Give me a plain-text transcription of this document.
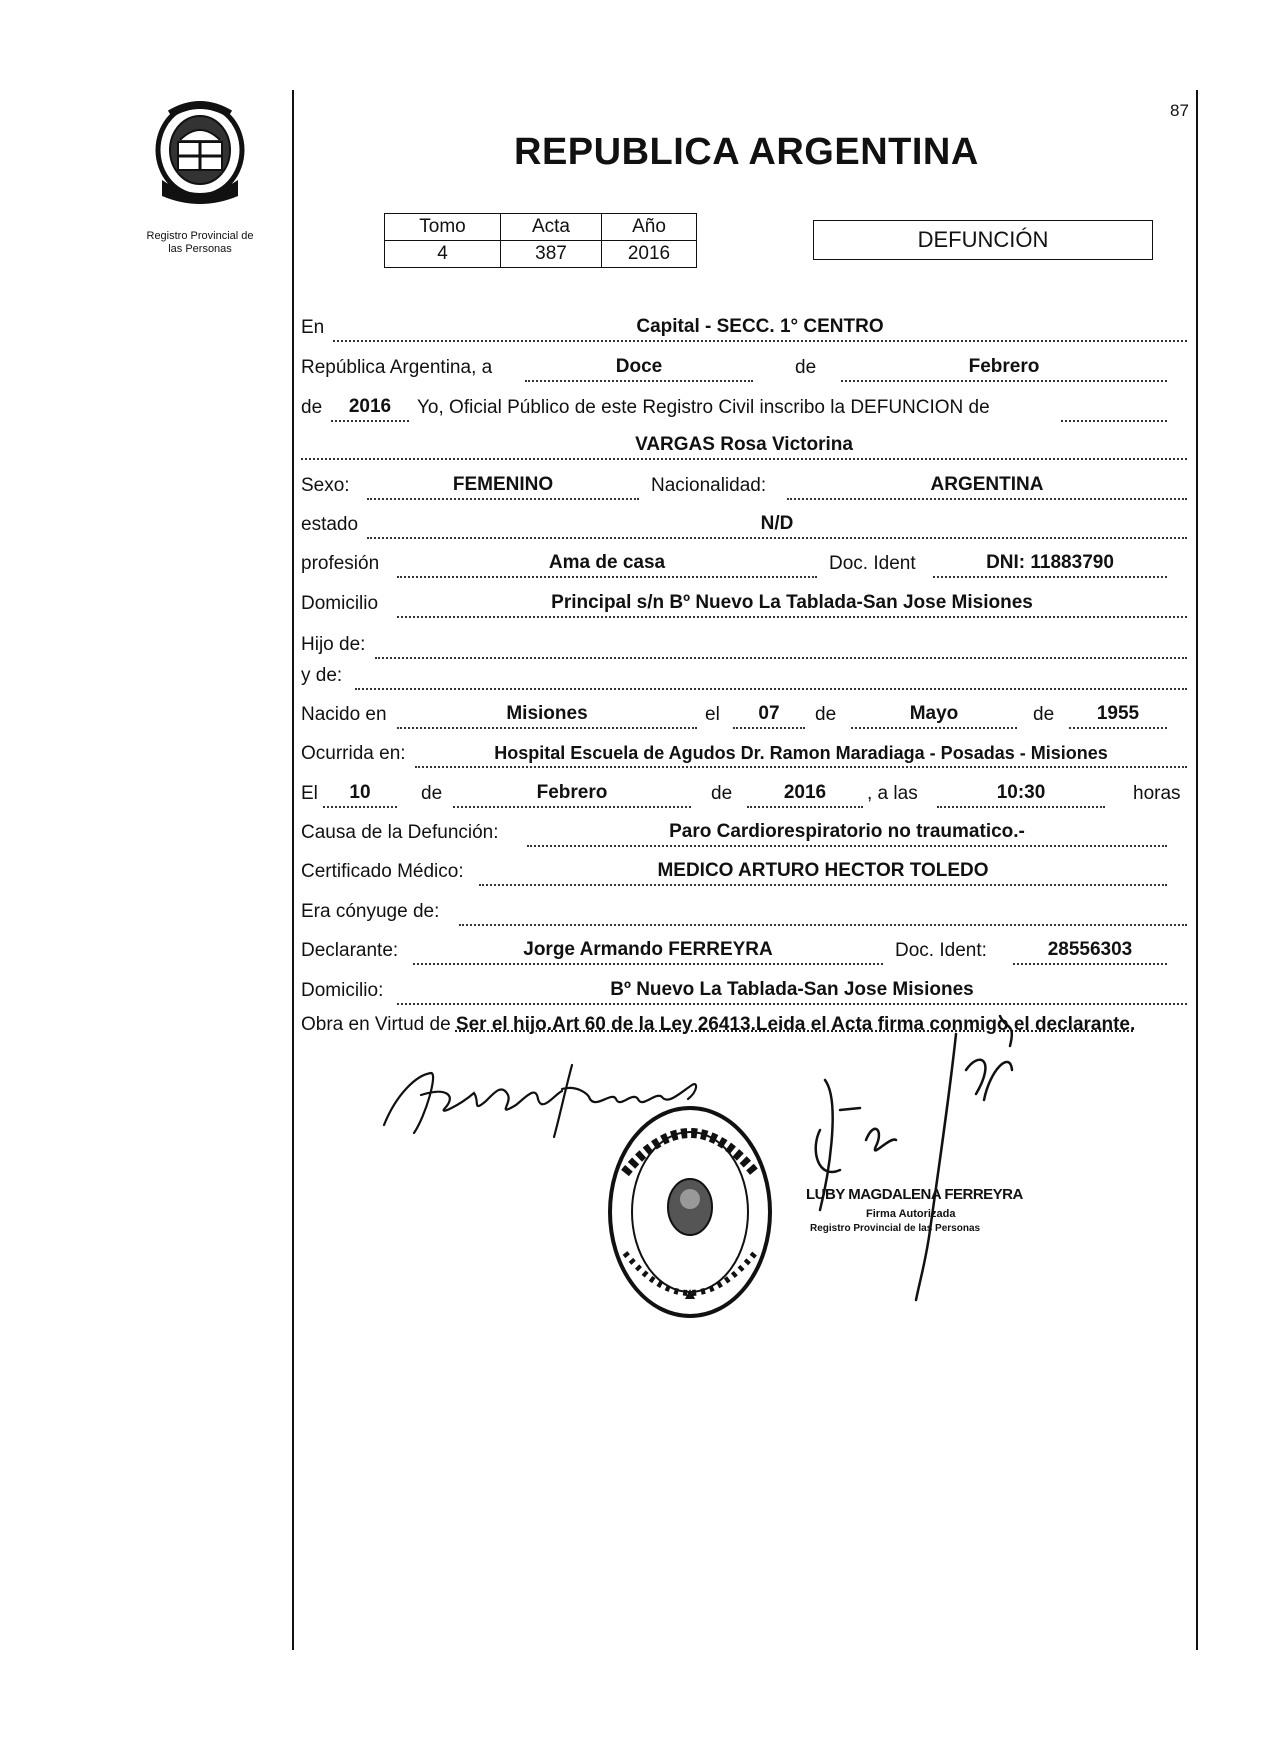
87
Registro Provincial de
las Personas
REPUBLICA ARGENTINA
Tomo	Acta	Año
4	387	2016
DEFUNCIÓN
En	Capital - SECC. 1° CENTRO
República Argentina, a	Doce	de	Febrero
de	2016	Yo, Oficial Público de este Registro Civil inscribo la DEFUNCION de
VARGAS Rosa Victorina
Sexo:	FEMENINO	Nacionalidad:	ARGENTINA
estado	N/D
profesión	Ama de casa	Doc. Ident	DNI: 11883790
Domicilio	Principal s/n Bº Nuevo La Tablada-San Jose Misiones
Hijo de:
y de:
Nacido en	Misiones	el	07	de	Mayo	de	1955
Ocurrida en:	Hospital Escuela de Agudos Dr. Ramon Maradiaga - Posadas - Misiones
El	10	de	Febrero	de	2016	, a las	10:30	horas
Causa de la Defunción:	Paro Cardiorespiratorio no traumatico.-
Certificado Médico:	MEDICO ARTURO HECTOR TOLEDO
Era cónyuge de:
Declarante:	Jorge Armando FERREYRA	Doc. Ident:	28556303
Domicilio:	Bº Nuevo La Tablada-San Jose Misiones
Obra en Virtud de Ser el hijo.Art 60 de la Ley 26413.Leida el Acta firma conmigo el declarante.
LUBY MAGDALENA FERREYRA
Firma Autorizada
Registro Provincial de las Personas
